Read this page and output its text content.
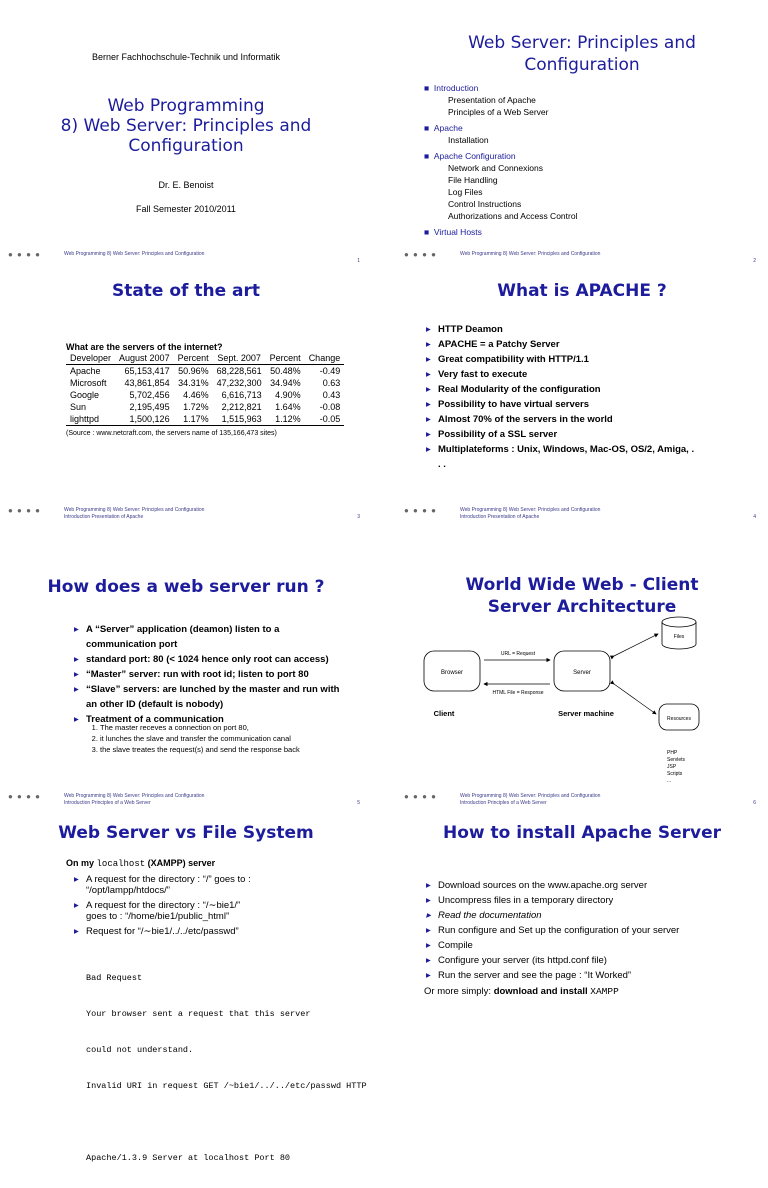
Berner Fachhochschule-Technik und Informatik
Web Programming
8) Web Server: Principles and
Configuration
Dr. E. Benoist
Fall Semester 2010/2011
● ● ● ●	Web Programming 8) Web Server: Principles and Configuration
1
Web Server: Principles and
Configuration
■ Introduction
Presentation of Apache
Principles of a Web Server
■ Apache
Installation
■ Apache Configuration
Network and Connexions
File Handling
Log Files
Control Instructions
Authorizations and Access Control
■ Virtual Hosts
● ● ● ●	Web Programming 8) Web Server: Principles and Configuration
2
State of the art
What are the servers of the internet?
Developer	August 2007	Percent	Sept. 2007	Percent	Change
Apache	65,153,417	50.96%	68,228,561	50.48%	-0.49
Microsoft	43,861,854	34.31%	47,232,300	34.94%	0.63
Google	5,702,456	4.46%	6,616,713	4.90%	0.43
Sun	2,195,495	1.72%	2,212,821	1.64%	-0.08
lighttpd	1,500,126	1.17%	1,515,963	1.12%	-0.05
(Source : www.netcraft.com, the servers name of 135,166,473 sites)
● ● ● ●	Web Programming 8) Web Server: Principles and Configuration
Introduction Presentation of Apache	3
What is APACHE ?
▸ HTTP Deamon
▸ APACHE = a Patchy Server
▸ Great compatibility with HTTP/1.1
▸ Very fast to execute
▸ Real Modularity of the configuration
▸ Possibility to have virtual servers
▸ Almost 70% of the servers in the world
▸ Possibility of a SSL server
▸ Multiplateforms : Unix, Windows, Mac-OS, OS/2, Amiga, . . .
● ● ● ●	Web Programming 8) Web Server: Principles and Configuration
Introduction Presentation of Apache	4
How does a web server run ?
▸ A “Server” application (deamon) listen to a communication port
▸ standard port: 80 (< 1024 hence only root can access)
▸ “Master” server: run with root id; listen to port 80
▸ “Slave” servers: are lunched by the master and run with an other ID (default is nobody)
▸ Treatment of a communication
1. The master receves a connection on port 80,
2. it lunches the slave and transfer the communication canal
3. the slave treates the request(s) and send the response back
● ● ● ●	Web Programming 8) Web Server: Principles and Configuration
Introduction Principles of a Web Server	5
World Wide Web - Client
Server Architecture
Browser	Server
URL = Request
HTML File = Response
Files
Resources
Client	Server machine
PHP
Servlets
JSP
Scripts
...
● ● ● ●	Web Programming 8) Web Server: Principles and Configuration
Introduction Principles of a Web Server	6
Web Server vs File System
On my localhost (XAMPP) server
▸ A request for the directory : “/” goes to : “/opt/lampp/htdocs/”
▸ A request for the directory : “/∼bie1/” goes to : “/home/bie1/public_html”
▸ Request for “/∼bie1/../../etc/passwd”

Bad Request

Your browser sent a request that this server

could not understand.

Invalid URI in request GET /~bie1/../../etc/passwd HTTP

Apache/1.3.9 Server at localhost Port 80

How to install Apache Server
▸ Download sources on the www.apache.org server
▸ Uncompress files in a temporary directory
▸ Read the documentation
▸ Run configure and Set up the configuration of your server
▸ Compile
▸ Configure your server (its httpd.conf file)
▸ Run the server and see the page : “It Worked”
Or more simply: download and install XAMPP
